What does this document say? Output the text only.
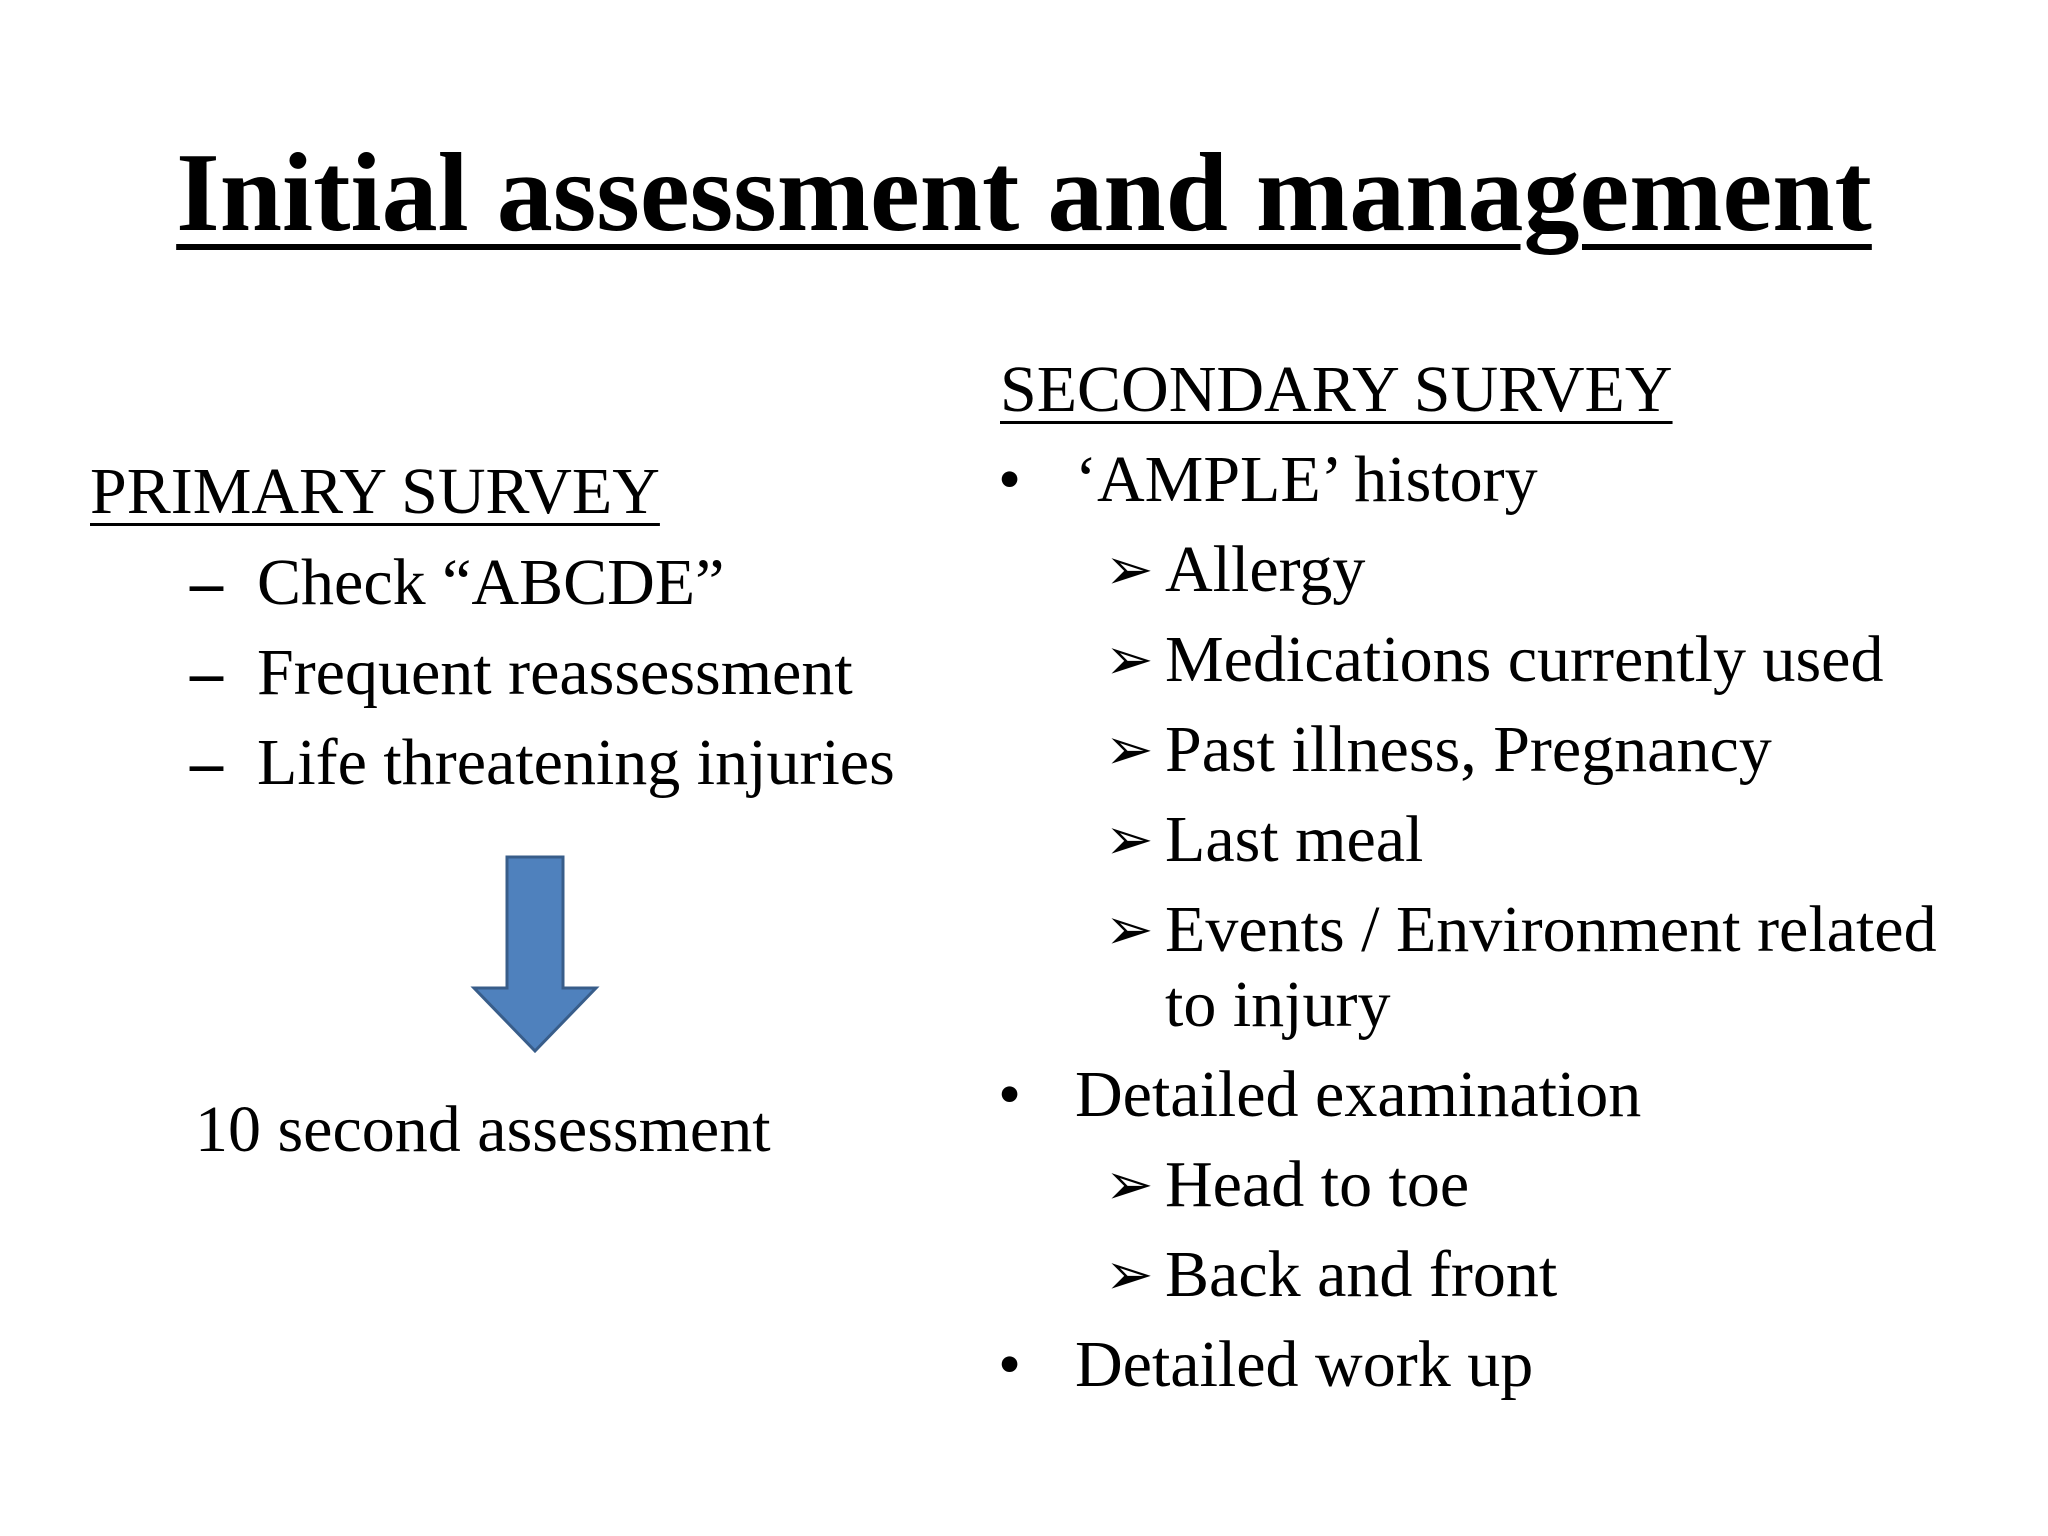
Initial assessment and management
PRIMARY SURVEY
– Check “ABCDE”
– Frequent reassessment
– Life threatening injuries
10 second assessment
SECONDARY SURVEY
• ‘AMPLE’ history
➢ Allergy
➢ Medications currently used
➢ Past illness, Pregnancy
➢ Last meal
➢ Events / Environment related
to injury
• Detailed examination
➢ Head to toe
➢ Back and front
• Detailed work up
